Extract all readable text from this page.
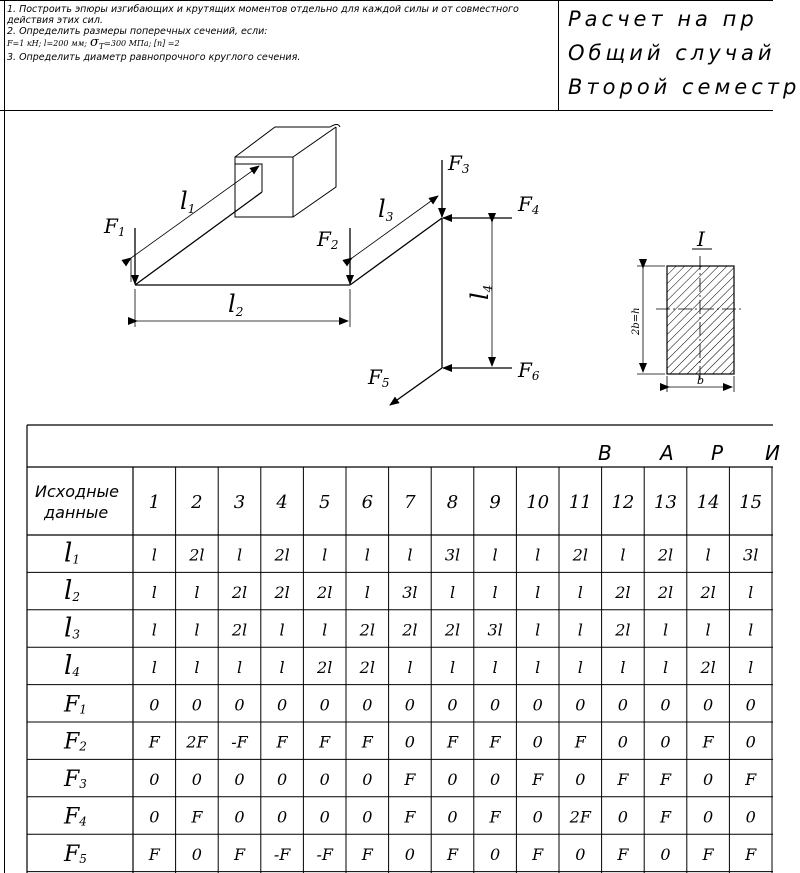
1. Построить эпюры изгибающих и крутящих моментов отдельно для каждой силы и от совместного
действия этих сил.
2. Определить размеры поперечных сечений, если:
F=1 кН; l=200 мм; $\sigma_T=300$ МПа; [n] =2
3. Определить диаметр равнопрочного круглого сечения.
Расчет на пр
Общий случай
Второй семестр
F1	F2
F3
F4
F5
F6
l1
l2
l3
l4
I
2b=h
b
Исходные
данные
В А Р И
1 2 3 4 5 6 7 8 9 10 11 12 13 14 15
l1	l 2l l 2l l l l 3l l l 2l l 2l l 3l
l2	l l 2l 2l 2l l 3l l l l l 2l 2l 2l l
l3	l l 2l l l 2l 2l 2l 3l l l 2l l l l
l4	l l l l 2l 2l l l l l l l l 2l l
F1	0 0 0 0 0 0 0 0 0 0 0 0 0 0 0
F2	F 2F -F F F F 0 F F 0 F 0 0 F 0
F3	0 0 0 0 0 0 F 0 0 F 0 F F 0 F
F4	0 F 0 0 0 0 F 0 F 0 2F 0 F 0 0
F5	F 0 F -F -F F 0 F 0 F 0 F 0 F F
